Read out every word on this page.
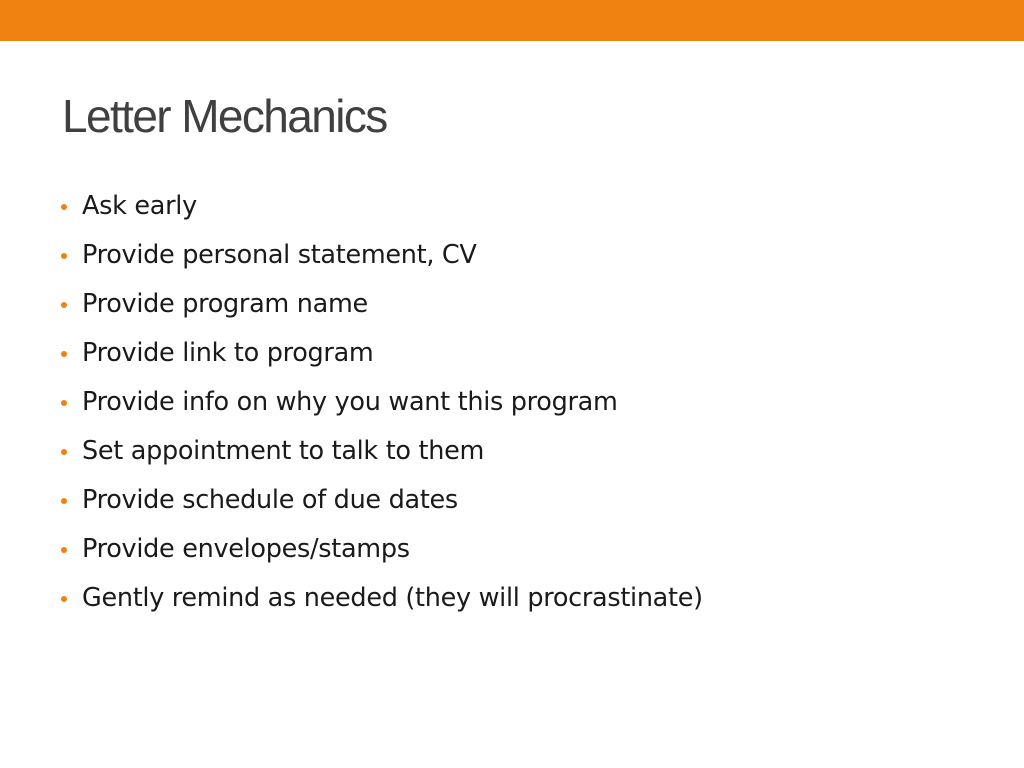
Letter Mechanics
Ask early
Provide personal statement, CV
Provide program name
Provide link to program
Provide info on why you want this program
Set appointment to talk to them
Provide schedule of due dates
Provide envelopes/stamps
Gently remind as needed (they will procrastinate)
